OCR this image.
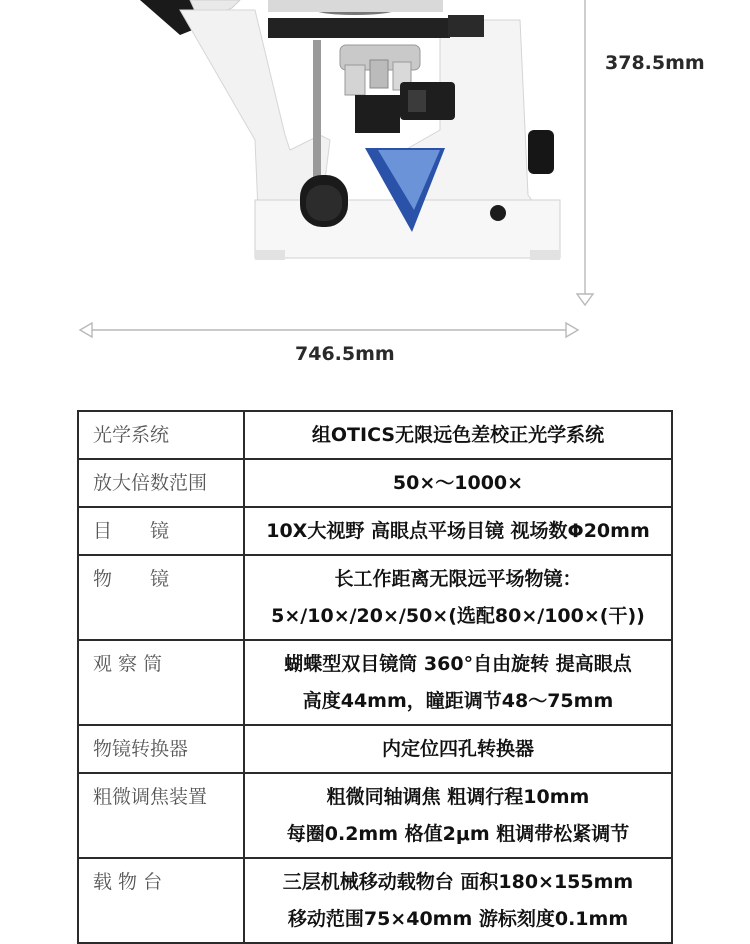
378.5mm
746.5mm
光学系统	组OTICS无限远色差校正光学系统

放大倍数范围	50×～1000×

目　　镜	10X大视野 高眼点平场目镜 视场数Φ20mm

物　　镜	长工作距离无限远平场物镜：
5×/10×/20×/50×(选配80×/100×(干))

观 察 筒	蝴蝶型双目镜筒 360°自由旋转 提高眼点
高度44mm，瞳距调节48～75mm

物镜转换器	内定位四孔转换器

粗微调焦装置	粗微同轴调焦 粗调行程10mm
每圈0.2mm 格值2μm 粗调带松紧调节

载 物 台	三层机械移动载物台 面积180×155mm
移动范围75×40mm 游标刻度0.1mm
